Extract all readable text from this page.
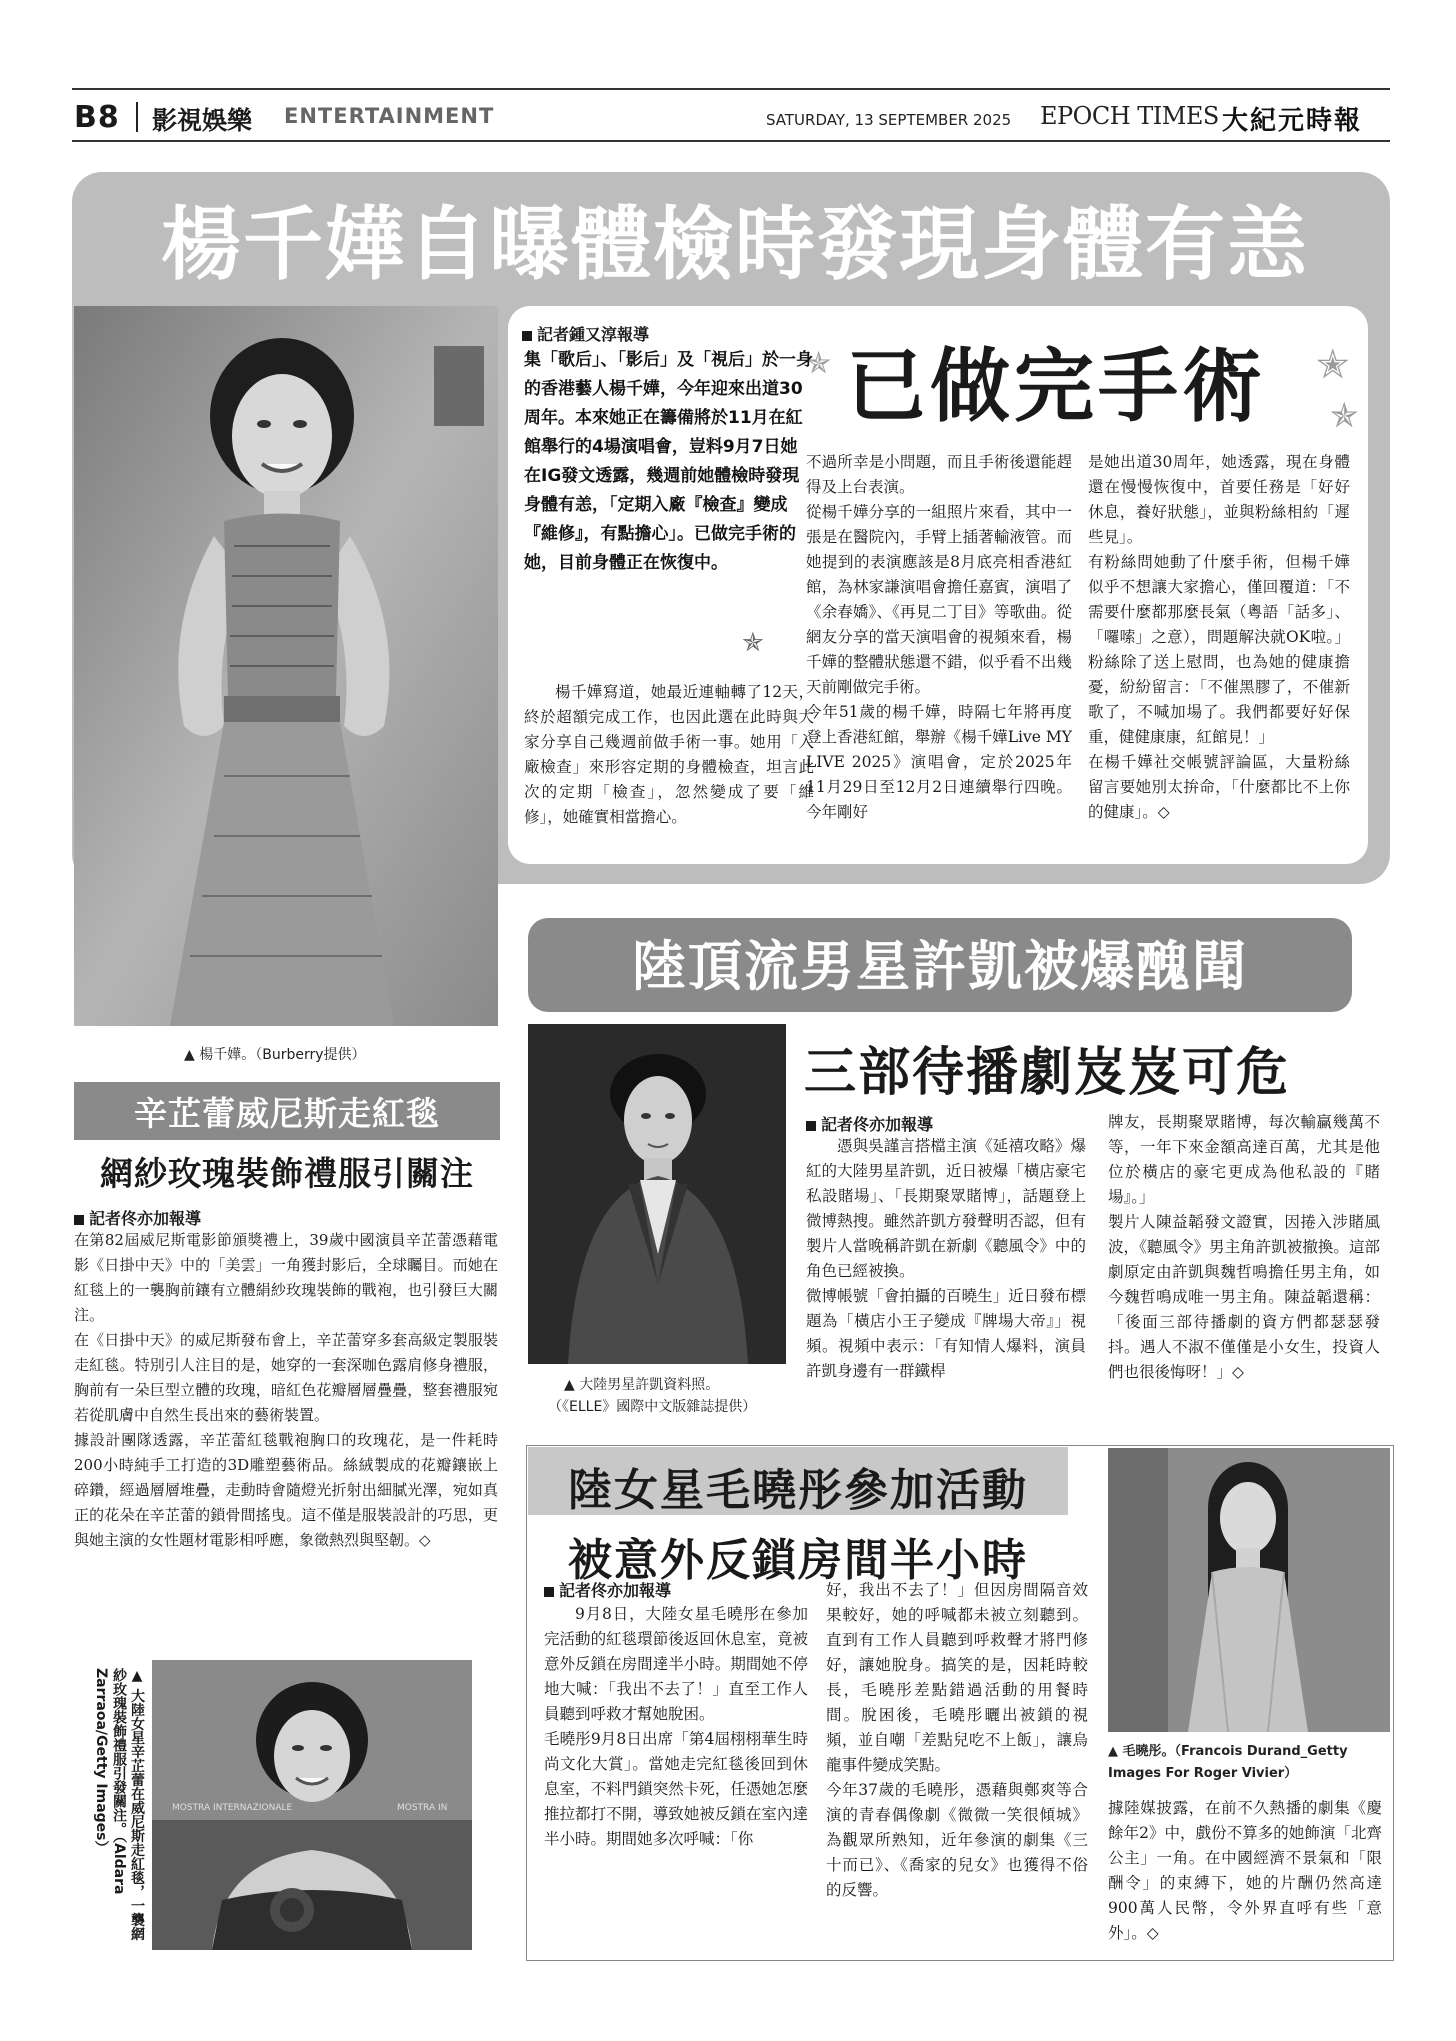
B8 影視娛樂 ENTERTAINMENT	SATURDAY, 13 SEPTEMBER 2025 EPOCH TIMES 大紀元時報
楊千嬅自曝體檢時發現身體有恙
✯ 已做完手術 ✭
✯
✯
記者鍾又淳報導
集「歌后」、「影后」及「視后」於一身的香港藝人楊千嬅，今年迎來出道30周年。本來她正在籌備將於11月在紅館舉行的4場演唱會，豈料9月7日她在IG發文透露，幾週前她體檢時發現身體有恙，「定期入廠『檢查』變成『維修』，有點擔心」。已做完手術的她，目前身體正在恢復中。
楊千嬅寫道，她最近連軸轉了12天，終於超額完成工作，也因此選在此時與大家分享自己幾週前做手術一事。她用「入廠檢查」來形容定期的身體檢查，坦言此次的定期「檢查」，忽然變成了要「維修」，她確實相當擔心。
不過所幸是小問題，而且手術後還能趕得及上台表演。
從楊千嬅分享的一組照片來看，其中一張是在醫院內，手臂上插著輸液管。而她提到的表演應該是8月底亮相香港紅館，為林家謙演唱會擔任嘉賓，演唱了《余春嬌》、《再見二丁目》等歌曲。從網友分享的當天演唱會的視頻來看，楊千嬅的整體狀態還不錯，似乎看不出幾天前剛做完手術。
今年51歲的楊千嬅，時隔七年將再度登上香港紅館，舉辦《楊千嬅Live MY LIVE 2025》演唱會，定於2025年11月29日至12月2日連續舉行四晚。今年剛好
是她出道30周年，她透露，現在身體還在慢慢恢復中，首要任務是「好好休息，養好狀態」，並與粉絲相約「遲些見」。
有粉絲問她動了什麼手術，但楊千嬅似乎不想讓大家擔心，僅回覆道：「不需要什麼都那麼長氣（粵語「話多」、「囉嗦」之意），問題解決就OK啦。」粉絲除了送上慰問，也為她的健康擔憂，紛紛留言：「不催黑膠了，不催新歌了，不喊加場了。我們都要好好保重，健健康康，紅館見！」
在楊千嬅社交帳號評論區，大量粉絲留言要她別太拚命，「什麼都比不上你的健康」。◇
▲ 楊千嬅。（Burberry提供）
辛芷蕾威尼斯走紅毯
網紗玫瑰裝飾禮服引關注
記者佟亦加報導
在第82屆威尼斯電影節頒獎禮上，39歲中國演員辛芷蕾憑藉電影《日掛中天》中的「美雲」一角獲封影后，全球矚目。而她在紅毯上的一襲胸前鑲有立體絹紗玫瑰裝飾的戰袍，也引發巨大關注。
在《日掛中天》的威尼斯發布會上，辛芷蕾穿多套高級定製服裝走紅毯。特別引人注目的是，她穿的一套深咖色露肩修身禮服，胸前有一朵巨型立體的玫瑰，暗紅色花瓣層層疊疊，整套禮服宛若從肌膚中自然生長出來的藝術裝置。
據設計團隊透露，辛芷蕾紅毯戰袍胸口的玫瑰花，是一件耗時200小時純手工打造的3D雕塑藝術品。絲絨製成的花瓣鑲嵌上碎鑽，經過層層堆疊，走動時會隨燈光折射出細膩光澤，宛如真正的花朵在辛芷蕾的鎖骨間搖曳。這不僅是服裝設計的巧思，更與她主演的女性題材電影相呼應，象徵熱烈與堅韌。◇
▲ 大陸女星辛芷蕾在威尼斯走紅毯，一襲網紗玫瑰裝飾禮服引發關注。（Aldara Zarraoa/Getty Images）	MOSTRA INTERNAZIONALE	MOSTRA IN
陸頂流男星許凱被爆醜聞
三部待播劇岌岌可危
記者佟亦加報導
憑與吳謹言搭檔主演《延禧攻略》爆紅的大陸男星許凱，近日被爆「橫店豪宅私設賭場」、「長期聚眾賭博」，話題登上微博熱搜。雖然許凱方發聲明否認，但有製片人當晚稱許凱在新劇《聽風令》中的角色已經被換。
微博帳號「會拍攝的百曉生」近日發布標題為「橫店小王子變成『牌場大帝』」視頻。視頻中表示：「有知情人爆料，演員許凱身邊有一群鐵桿
牌友，長期聚眾賭博，每次輸贏幾萬不等，一年下來金額高達百萬，尤其是他位於橫店的豪宅更成為他私設的『賭場』。」
製片人陳益韜發文證實，因捲入涉賭風波，《聽風令》男主角許凱被撤換。這部劇原定由許凱與魏哲鳴擔任男主角，如今魏哲鳴成唯一男主角。陳益韜還稱：「後面三部待播劇的資方們都瑟瑟發抖。遇人不淑不僅僅是小女生，投資人們也很後悔呀！」◇
▲ 大陸男星許凱資料照。
（《ELLE》國際中文版雜誌提供）
陸女星毛曉彤參加活動
被意外反鎖房間半小時
記者佟亦加報導
9月8日，大陸女星毛曉彤在參加完活動的紅毯環節後返回休息室，竟被意外反鎖在房間達半小時。期間她不停地大喊：「我出不去了！」直至工作人員聽到呼救才幫她脫困。
毛曉彤9月8日出席「第4屆栩栩華生時尚文化大賞」。當她走完紅毯後回到休息室，不料門鎖突然卡死，任憑她怎麼推拉都打不開，導致她被反鎖在室內達半小時。期間她多次呼喊：「你
好，我出不去了！」但因房間隔音效果較好，她的呼喊都未被立刻聽到。直到有工作人員聽到呼救聲才將門修好，讓她脫身。搞笑的是，因耗時較長，毛曉彤差點錯過活動的用餐時間。脫困後，毛曉彤曬出被鎖的視頻，並自嘲「差點兒吃不上飯」，讓烏龍事件變成笑點。
今年37歲的毛曉彤，憑藉與鄭爽等合演的青春偶像劇《微微一笑很傾城》為觀眾所熟知，近年參演的劇集《三十而已》、《喬家的兒女》也獲得不俗的反響。
▲ 毛曉彤。（Francois Durand_Getty
Images For Roger Vivier）
據陸媒披露，在前不久熱播的劇集《慶餘年2》中，戲份不算多的她飾演「北齊公主」一角。在中國經濟不景氣和「限酬令」的束縛下，她的片酬仍然高達900萬人民幣，令外界直呼有些「意外」。◇
